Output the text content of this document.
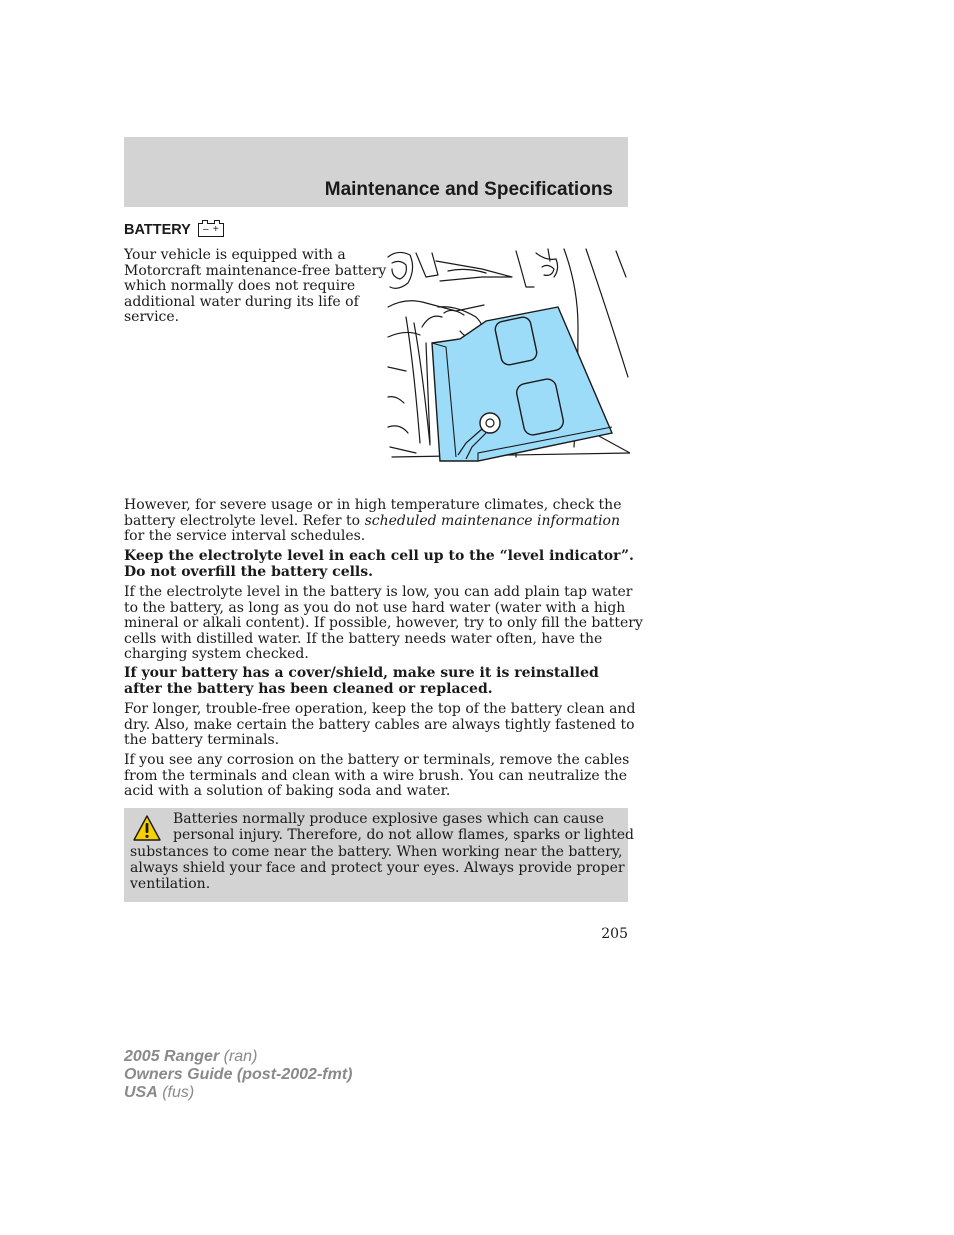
Maintenance and Specifications
BATTERY – +

Your vehicle is equipped with a
Motorcraft maintenance-free battery
which normally does not require
additional water during its life of
service.

However, for severe usage or in high temperature climates, check the
battery electrolyte level. Refer to scheduled maintenance information
for the service interval schedules.

Keep the electrolyte level in each cell up to the “level indicator”.
Do not overfill the battery cells.

If the electrolyte level in the battery is low, you can add plain tap water
to the battery, as long as you do not use hard water (water with a high
mineral or alkali content). If possible, however, try to only fill the battery
cells with distilled water. If the battery needs water often, have the
charging system checked.

If your battery has a cover/shield, make sure it is reinstalled
after the battery has been cleaned or replaced.

For longer, trouble-free operation, keep the top of the battery clean and
dry. Also, make certain the battery cables are always tightly fastened to
the battery terminals.

If you see any corrosion on the battery or terminals, remove the cables
from the terminals and clean with a wire brush. You can neutralize the
acid with a solution of baking soda and water.

Batteries normally produce explosive gases which can cause

personal injury. Therefore, do not allow flames, sparks or lighted

substances to come near the battery. When working near the battery,

always shield your face and protect your eyes. Always provide proper

ventilation.

205
2005 Ranger (ran)
Owners Guide (post-2002-fmt)
USA (fus)
